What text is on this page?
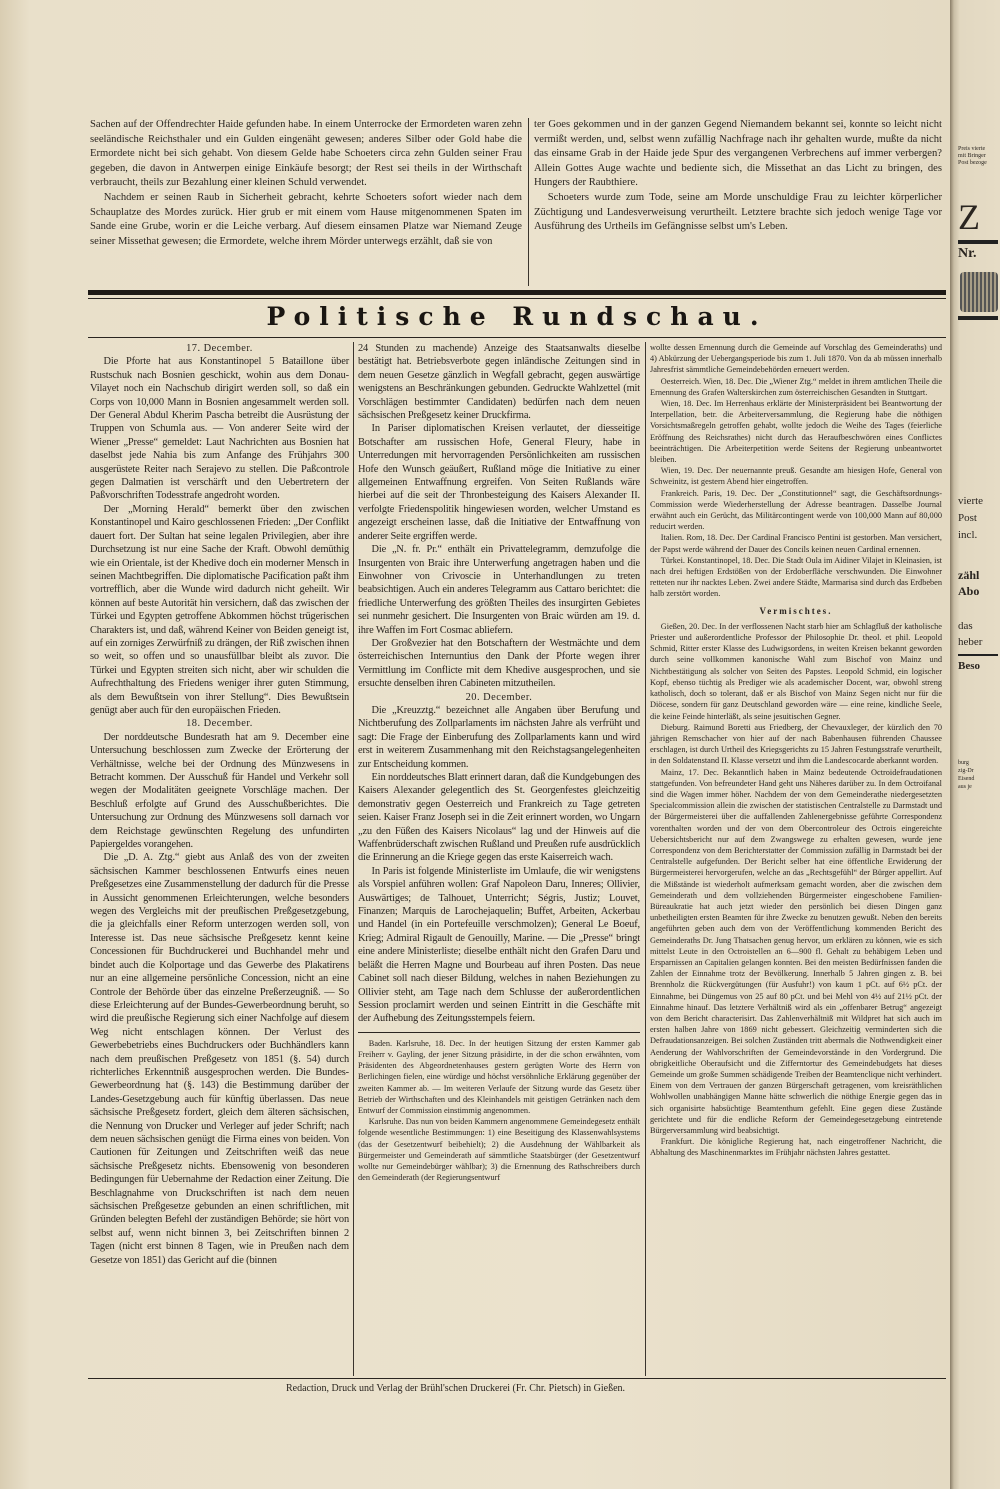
Sachen auf der Offendrechter Haide gefunden habe. In einem Unterrocke der Ermordeten waren zehn seeländische Reichsthaler und ein Gulden eingenäht gewesen; anderes Silber oder Gold habe die Ermordete nicht bei sich gehabt. Von diesem Gelde habe Schoeters circa zehn Gulden seiner Frau gegeben, die davon in Antwerpen einige Einkäufe besorgt; der Rest sei theils in der Wirthschaft verbraucht, theils zur Bezahlung einer kleinen Schuld verwendet.

Nachdem er seinen Raub in Sicherheit gebracht, kehrte Schoeters sofort wieder nach dem Schauplatze des Mordes zurück. Hier grub er mit einem vom Hause mitgenommenen Spaten im Sande eine Grube, worin er die Leiche verbarg. Auf diesem einsamen Platze war Niemand Zeuge seiner Missethat gewesen; die Ermordete, welche ihrem Mörder unterwegs erzählt, daß sie von

ter Goes gekommen und in der ganzen Gegend Niemandem bekannt sei, konnte so leicht nicht vermißt werden, und, selbst wenn zufällig Nachfrage nach ihr gehalten wurde, mußte da nicht das einsame Grab in der Haide jede Spur des vergangenen Verbrechens auf immer verbergen? Allein Gottes Auge wachte und bediente sich, die Missethat an das Licht zu bringen, des Hungers der Raubthiere.

Schoeters wurde zum Tode, seine am Morde unschuldige Frau zu leichter körperlicher Züchtigung und Landesverweisung verurtheilt. Letztere brachte sich jedoch wenige Tage vor Ausführung des Urtheils im Gefängnisse selbst um's Leben.

Politische Rundschau.
17. December.

Die Pforte hat aus Konstantinopel 5 Bataillone über Rustschuk nach Bosnien geschickt, wohin aus dem Donau-Vilayet noch ein Nachschub dirigirt werden soll, so daß ein Corps von 10,000 Mann in Bosnien angesammelt werden soll. Der General Abdul Kherim Pascha betreibt die Ausrüstung der Truppen von Schumla aus. — Von anderer Seite wird der Wiener „Presse“ gemeldet: Laut Nachrichten aus Bosnien hat daselbst jede Nahia bis zum Anfange des Frühjahrs 300 ausgerüstete Reiter nach Serajevo zu stellen. Die Paßcontrole gegen Dalmatien ist verschärft und den Uebertretern der Paßvorschriften Todesstrafe angedroht worden.

Der „Morning Herald“ bemerkt über den zwischen Konstantinopel und Kairo geschlossenen Frieden: „Der Conflikt dauert fort. Der Sultan hat seine legalen Privilegien, aber ihre Durchsetzung ist nur eine Sache der Kraft. Obwohl demüthig wie ein Orientale, ist der Khedive doch ein moderner Mensch in seinen Machtbegriffen. Die diplomatische Pacification paßt ihm vortrefflich, aber die Wunde wird dadurch nicht geheilt. Wir können auf beste Autorität hin versichern, daß das zwischen der Türkei und Egypten getroffene Abkommen höchst trügerischen Charakters ist, und daß, während Keiner von Beiden geneigt ist, auf ein zorniges Zerwürfniß zu drängen, der Riß zwischen ihnen so weit, so offen und so unausfüllbar bleibt als zuvor. Die Türkei und Egypten streiten sich nicht, aber wir schulden die Aufrechthaltung des Friedens weniger ihrer guten Stimmung, als dem Bewußtsein von ihrer Stellung“. Dies Bewußtsein genügt aber auch für den europäischen Frieden.

18. December.

Der norddeutsche Bundesrath hat am 9. December eine Untersuchung beschlossen zum Zwecke der Erörterung der Verhältnisse, welche bei der Ordnung des Münzwesens in Betracht kommen. Der Ausschuß für Handel und Verkehr soll wegen der Modalitäten geeignete Vorschläge machen. Der Beschluß erfolgte auf Grund des Ausschußberichtes. Die Untersuchung zur Ordnung des Münzwesens soll darnach vor dem Reichstage gewünschten Regelung des unfundirten Papiergeldes vorangehen.

Die „D. A. Ztg.“ giebt aus Anlaß des von der zweiten sächsischen Kammer beschlossenen Entwurfs eines neuen Preßgesetzes eine Zusammenstellung der dadurch für die Presse in Aussicht genommenen Erleichterungen, welche besonders wegen des Vergleichs mit der preußischen Preßgesetzgebung, die ja gleichfalls einer Reform unterzogen werden soll, von Interesse ist. Das neue sächsische Preßgesetz kennt keine Concessionen für Buchdruckerei und Buchhandel mehr und bindet auch die Kolportage und das Gewerbe des Plakatirens nur an eine allgemeine persönliche Concession, nicht an eine Controle der Behörde über das einzelne Preßerzeugniß. — So diese Erleichterung auf der Bundes-Gewerbeordnung beruht, so wird die preußische Regierung sich einer Nachfolge auf diesem Weg nicht entschlagen können. Der Verlust des Gewerbebetriebs eines Buchdruckers oder Buchhändlers kann nach dem preußischen Preßgesetz von 1851 (§. 54) durch richterliches Erkenntniß ausgesprochen werden. Die Bundes-Gewerbeordnung hat (§. 143) die Bestimmung darüber der Landes-Gesetzgebung auch für künftig überlassen. Das neue sächsische Preßgesetz fordert, gleich dem älteren sächsischen, die Nennung von Drucker und Verleger auf jeder Schrift; nach dem neuen sächsischen genügt die Firma eines von beiden. Von Cautionen für Zeitungen und Zeitschriften weiß das neue sächsische Preßgesetz nichts. Ebensowenig von besonderen Bedingungen für Uebernahme der Redaction einer Zeitung. Die Beschlagnahme von Druckschriften ist nach dem neuen sächsischen Preßgesetze gebunden an einen schriftlichen, mit Gründen belegten Befehl der zuständigen Behörde; sie hört von selbst auf, wenn nicht binnen 3, bei Zeitschriften binnen 2 Tagen (nicht erst binnen 8 Tagen, wie in Preußen nach dem Gesetze von 1851) das Gericht auf die (binnen

24 Stunden zu machende) Anzeige des Staatsanwalts dieselbe bestätigt hat. Betriebsverbote gegen inländische Zeitungen sind in dem neuen Gesetze gänzlich in Wegfall gebracht, gegen auswärtige wenigstens an Beschränkungen gebunden. Gedruckte Wahlzettel (mit Vorschlägen bestimmter Candidaten) bedürfen nach dem neuen sächsischen Preßgesetz keiner Druckfirma.

In Pariser diplomatischen Kreisen verlautet, der diesseitige Botschafter am russischen Hofe, General Fleury, habe in Unterredungen mit hervorragenden Persönlichkeiten am russischen Hofe den Wunsch geäußert, Rußland möge die Initiative zu einer allgemeinen Entwaffnung ergreifen. Von Seiten Rußlands wäre hierbei auf die seit der Thronbesteigung des Kaisers Alexander II. verfolgte Friedenspolitik hingewiesen worden, welcher Umstand es angezeigt erscheinen lasse, daß die Initiative der Entwaffnung von anderer Seite ergriffen werde.

Die „N. fr. Pr.“ enthält ein Privattelegramm, demzufolge die Insurgenten von Braic ihre Unterwerfung angetragen haben und die Einwohner von Crivoscie in Unterhandlungen zu treten beabsichtigen. Auch ein anderes Telegramm aus Cattaro berichtet: die friedliche Unterwerfung des größten Theiles des insurgirten Gebietes sei nunmehr gesichert. Die Insurgenten von Braic würden am 19. d. ihre Waffen im Fort Cosmac abliefern.

Der Großvezier hat den Botschaftern der Westmächte und dem österreichischen Internuntius den Dank der Pforte wegen ihrer Vermittlung im Conflicte mit dem Khedive ausgesprochen, und sie ersuchte denselben ihren Cabineten mitzutheilen.

20. December.

Die „Kreuzztg.“ bezeichnet alle Angaben über Berufung und Nichtberufung des Zollparlaments im nächsten Jahre als verfrüht und sagt: Die Frage der Einberufung des Zollparlaments kann und wird erst in weiterem Zusammenhang mit den Reichstagsangelegenheiten zur Entscheidung kommen.

Ein norddeutsches Blatt erinnert daran, daß die Kundgebungen des Kaisers Alexander gelegentlich des St. Georgenfestes gleichzeitig demonstrativ gegen Oesterreich und Frankreich zu Tage getreten seien. Kaiser Franz Joseph sei in die Zeit erinnert worden, wo Ungarn „zu den Füßen des Kaisers Nicolaus“ lag und der Hinweis auf die Waffenbrüderschaft zwischen Rußland und Preußen rufe ausdrücklich die Erinnerung an die Kriege gegen das erste Kaiserreich wach.

In Paris ist folgende Ministerliste im Umlaufe, die wir wenigstens als Vorspiel anführen wollen: Graf Napoleon Daru, Inneres; Ollivier, Auswärtiges; de Talhouet, Unterricht; Ségris, Justiz; Louvet, Finanzen; Marquis de Larochejaquelin; Buffet, Arbeiten, Ackerbau und Handel (in ein Portefeuille verschmolzen); General Le Boeuf, Krieg; Admiral Rigault de Genouilly, Marine. — Die „Presse“ bringt eine andere Ministerliste; dieselbe enthält nicht den Grafen Daru und beläßt die Herren Magne und Bourbeau auf ihren Posten. Das neue Cabinet soll nach dieser Bildung, welches in nahen Beziehungen zu Ollivier steht, am Tage nach dem Schlusse der außerordentlichen Session proclamirt werden und seinen Eintritt in die Geschäfte mit der Aufhebung des Zeitungsstempels feiern.

Baden. Karlsruhe, 18. Dec. In der heutigen Sitzung der ersten Kammer gab Freiherr v. Gayling, der jener Sitzung präsidirte, in der die schon erwähnten, vom Präsidenten des Abgeordnetenhauses gestern gerügten Worte des Herrn von Berlichingen fielen, eine würdige und höchst versöhnliche Erklärung gegenüber der zweiten Kammer ab. — Im weiteren Verlaufe der Sitzung wurde das Gesetz über Betrieb der Wirthschaften und des Kleinhandels mit geistigen Getränken nach dem Entwurf der Commission einstimmig angenommen.

Karlsruhe. Das nun von beiden Kammern angenommene Gemeindegesetz enthält folgende wesentliche Bestimmungen: 1) eine Beseitigung des Klassenwahlsystems (das der Gesetzentwurf beibehielt); 2) die Ausdehnung der Wählbarkeit als Bürgermeister und Gemeinderath auf sämmtliche Staatsbürger (der Gesetzentwurf wollte nur Gemeindebürger wählbar); 3) die Ernennung des Rathschreibers durch den Gemeinderath (der Regierungsentwurf

wollte dessen Ernennung durch die Gemeinde auf Vorschlag des Gemeinderaths) und 4) Abkürzung der Uebergangsperiode bis zum 1. Juli 1870. Von da ab müssen innerhalb Jahresfrist sämmtliche Gemeindebehörden erneuert werden.

Oesterreich. Wien, 18. Dec. Die „Wiener Ztg.“ meldet in ihrem amtlichen Theile die Ernennung des Grafen Walterskirchen zum österreichischen Gesandten in Stuttgart.

Wien, 18. Dec. Im Herrenhaus erklärte der Ministerpräsident bei Beantwortung der Interpellation, betr. die Arbeiterversammlung, die Regierung habe die nöthigen Vorsichtsmaßregeln getroffen gehabt, wollte jedoch die Weihe des Tages (feierliche Eröffnung des Reichsrathes) nicht durch das Heraufbeschwören eines Conflictes beeinträchtigen. Die Arbeiterpetition werde Seitens der Regierung unbeantwortet bleiben.

Wien, 19. Dec. Der neuernannte preuß. Gesandte am hiesigen Hofe, General von Schweinitz, ist gestern Abend hier eingetroffen.

Frankreich. Paris, 19. Dec. Der „Constitutionnel“ sagt, die Geschäftsordnungs-Commission werde Wiederherstellung der Adresse beantragen. Dasselbe Journal erwähnt auch ein Gerücht, das Militärcontingent werde von 100,000 Mann auf 80,000 reducirt werden.

Italien. Rom, 18. Dec. Der Cardinal Francisco Pentini ist gestorben. Man versichert, der Papst werde während der Dauer des Concils keinen neuen Cardinal ernennen.

Türkei. Konstantinopel, 18. Dec. Die Stadt Oula im Aidiner Vilajet in Kleinasien, ist nach drei heftigen Erdstößen von der Erdoberfläche verschwunden. Die Einwohner retteten nur ihr nacktes Leben. Zwei andere Städte, Marmarisa sind durch das Erdbeben halb zerstört worden.

Vermischtes.

Gießen, 20. Dec. In der verflossenen Nacht starb hier am Schlagfluß der katholische Priester und außerordentliche Professor der Philosophie Dr. theol. et phil. Leopold Schmid, Ritter erster Klasse des Ludwigsordens, in weiten Kreisen bekannt geworden durch seine vollkommen kanonische Wahl zum Bischof von Mainz und Nichtbestätigung als solcher von Seiten des Papstes. Leopold Schmid, ein logischer Kopf, ebenso tüchtig als Prediger wie als academischer Docent, war, obwohl streng katholisch, doch so tolerant, daß er als Bischof von Mainz Segen nicht nur für die Diöcese, sondern für ganz Deutschland geworden wäre — eine reine, kindliche Seele, die keine Feinde hinterläßt, als seine jesuitischen Gegner.

Dieburg. Raimund Boretti aus Friedberg, der Chevauxleger, der kürzlich den 70 jährigen Remschacher von hier auf der nach Babenhausen führenden Chaussee erschlagen, ist durch Urtheil des Kriegsgerichts zu 15 Jahren Festungsstrafe verurtheilt, in den Soldatenstand II. Klasse versetzt und ihm die Landescocarde aberkannt worden.

Mainz, 17. Dec. Bekanntlich haben in Mainz bedeutende Octroidefraudationen stattgefunden. Von befreundeter Hand geht uns Näheres darüber zu. In dem Octroifanal sind die Wagen immer höher. Nachdem der von dem Gemeinderathe niedergesetzten Specialcommission allein die zwischen der statistischen Centralstelle zu Darmstadt und der Bürgermeisterei über die auffallenden Zahlenergebnisse geführte Correspondenz vorenthalten worden und der von dem Obercontroleur des Octrois eingereichte Uebersichtsbericht nur auf dem Zwangswege zu erhalten gewesen, wurde jene Correspondenz von dem Berichterstatter der Commission zufällig in Darmstadt bei der Centralstelle aufgefunden. Der Bericht selber hat eine öffentliche Erwiderung der Bürgermeisterei hervorgerufen, welche an das „Rechtsgefühl“ der Bürger appellirt. Auf die Mißstände ist wiederholt aufmerksam gemacht worden, aber die zwischen dem Gemeinderath und dem vollziehenden Bürgermeister eingeschobene Familien-Büreaukratie hat auch jetzt wieder den persönlich bei diesen Dingen ganz unbetheiligten ersten Beamten für ihre Zwecke zu benutzen gewußt. Neben den bereits angeführten geben auch dem von der Veröffentlichung kommenden Bericht des Gemeinderaths Dr. Jung Thatsachen genug hervor, um erklären zu können, wie es sich mittelst Leute in den Octroistellen an 6—900 fl. Gehalt zu behäbigem Leben und Ersparnissen an Capitalien gelangen konnten. Bei den meisten Bedürfnissen fanden die Zahlen der Einnahme trotz der Bevölkerung. Innerhalb 5 Jahren gingen z. B. bei Brennholz die Rückvergütungen (für Ausfuhr!) von kaum 1 pCt. auf 6½ pCt. der Einnahme, bei Düngemus von 25 auf 80 pCt. und bei Mehl von 4½ auf 21½ pCt. der Einnahme hinauf. Das letztere Verhältniß wird als ein „offenbarer Betrug“ angezeigt von dem Bericht characterisirt. Das Zahlenverhältniß mit Wildpret hat sich auch im ersten halben Jahre von 1869 nicht gebessert. Gleichzeitig verminderten sich die Defraudationsanzeigen. Bei solchen Zuständen tritt abermals die Nothwendigkeit einer Aenderung der Wahlvorschriften der Gemeindevorstände in den Vordergrund. Die obrigkeitliche Oberaufsicht und die Zifferntortur des Gemeindebudgets hat dieses Gemeinde um große Summen schädigende Treiben der Beamtenclique nicht verhindert. Einem von dem Vertrauen der ganzen Bürgerschaft getragenen, vom kreisräthlichen Wohlwollen unabhängigen Manne hätte schwerlich die nöthige Energie gegen das in sich organisirte habsüchtige Beamtenthum gefehlt. Eine gegen diese Zustände gerichtete und für die endliche Reform der Gemeindegesetzgebung eintretende Bürgerversammlung wird beabsichtigt.

Frankfurt. Die königliche Regierung hat, nach eingetroffener Nachricht, die Abhaltung des Maschinenmarktes im Frühjahr nächsten Jahres gestattet.

Redaction, Druck und Verlag der Brühl'schen Druckerei (Fr. Chr. Pietsch) in Gießen.
Preis vierte
mit Bringer
Post bezoge
Z
Nr.
vierte
Post
incl.
zähl
Abo
das
heber
Beso
burg
zig-Dr
Eisend
aus je
